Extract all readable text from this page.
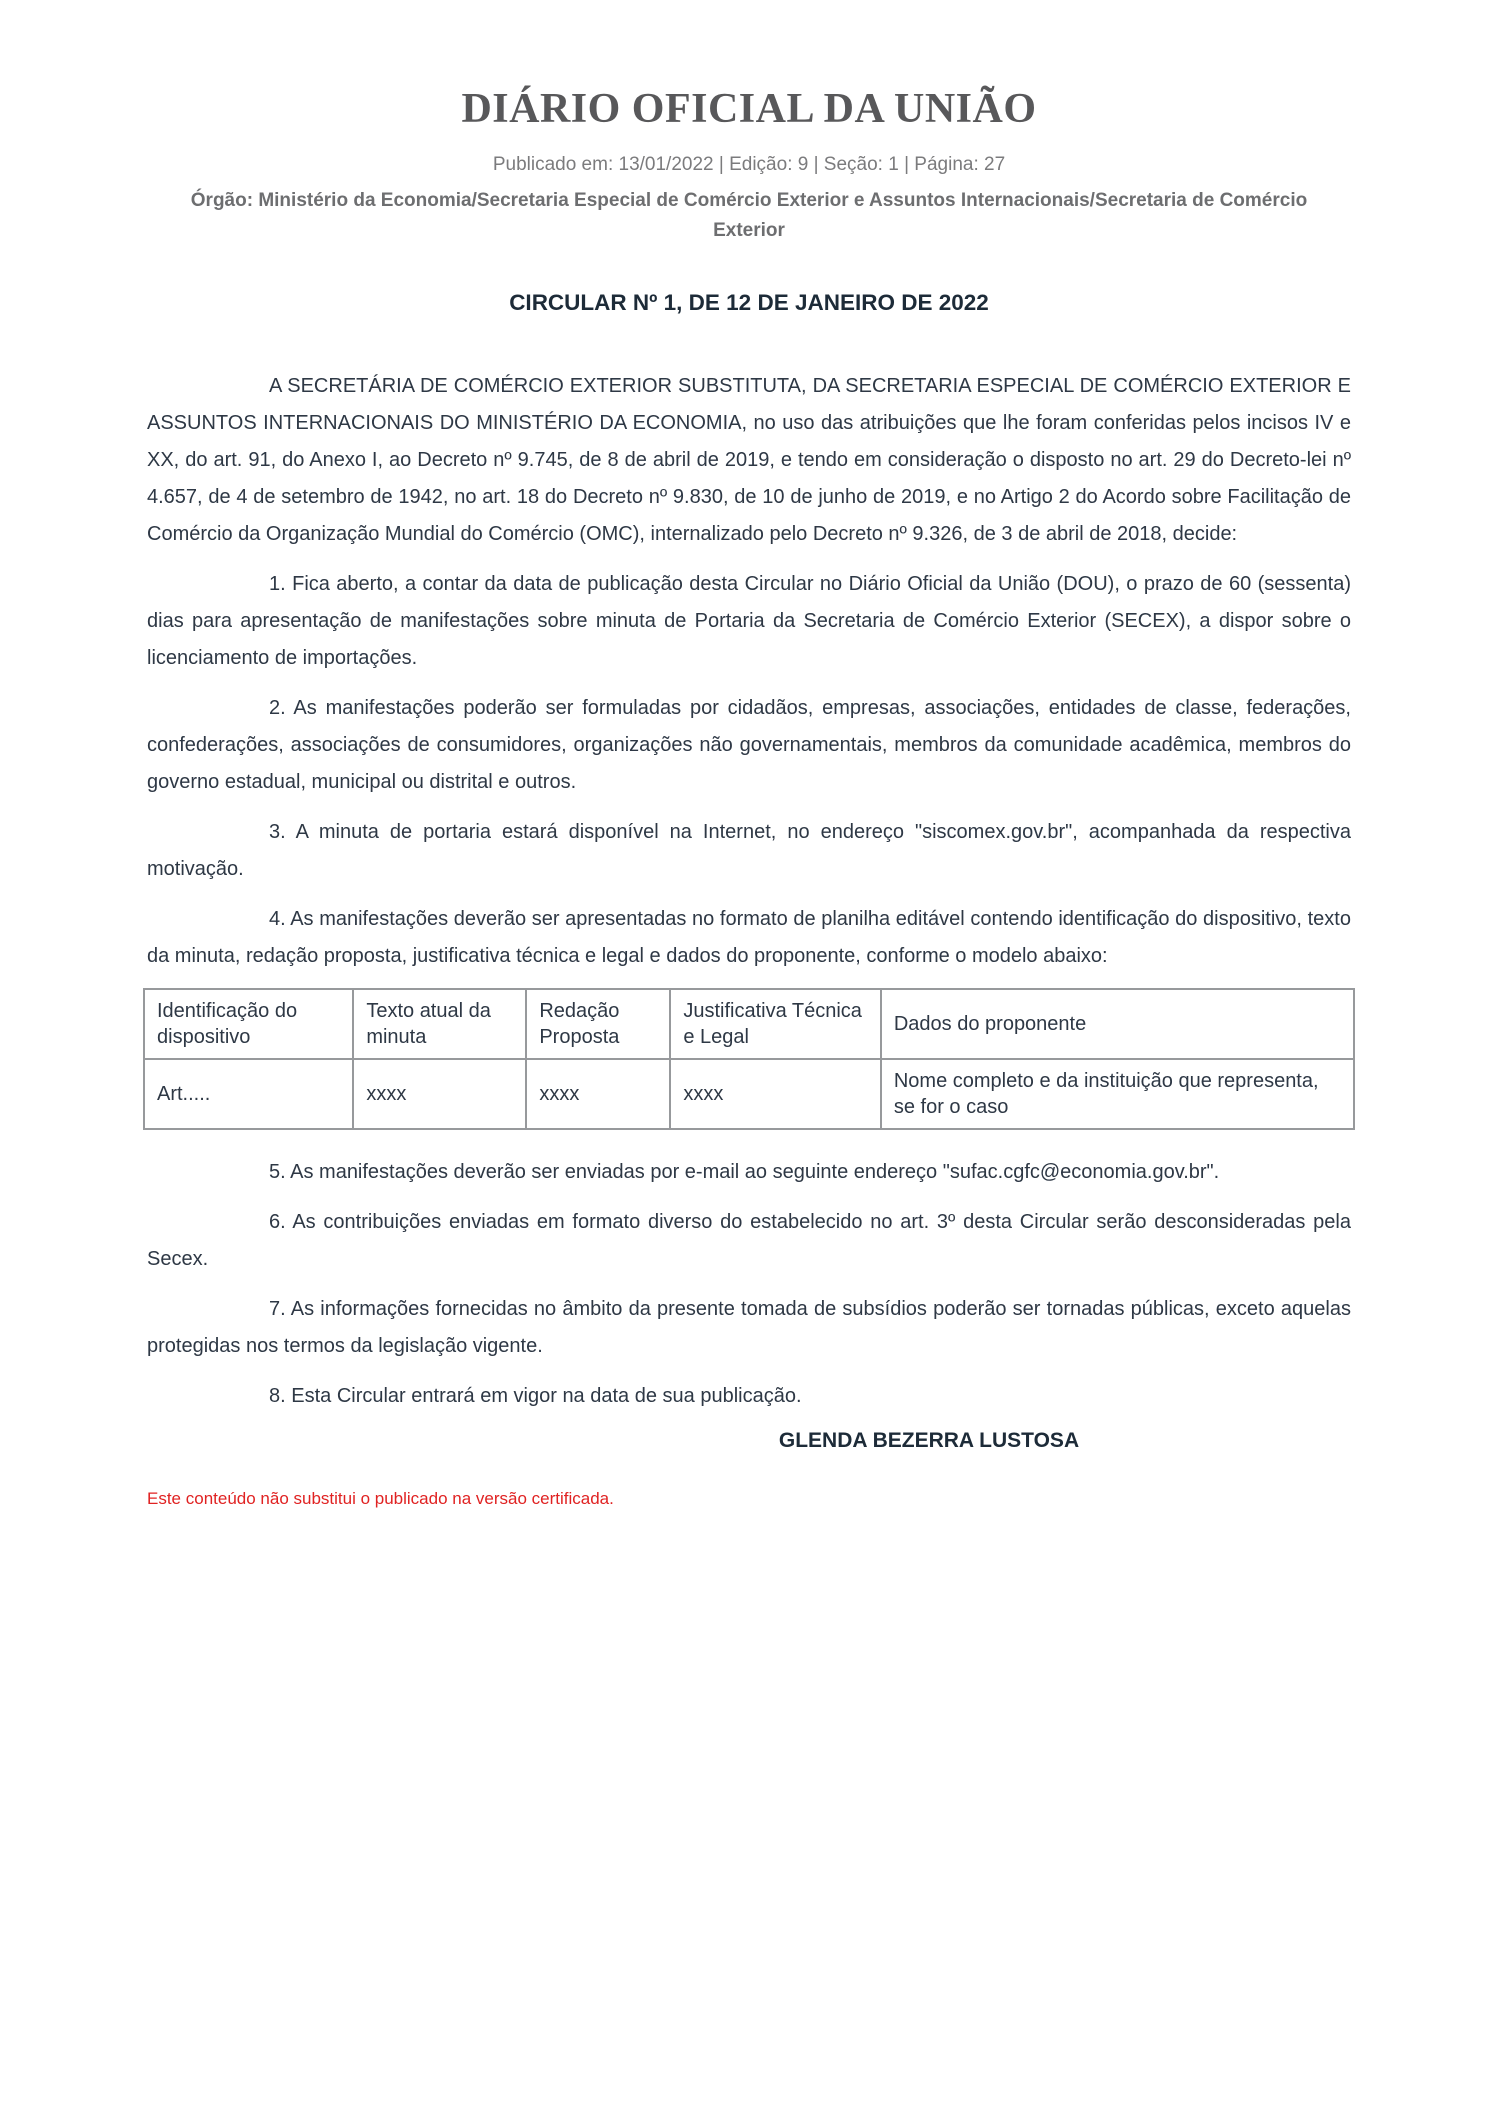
DIÁRIO OFICIAL DA UNIÃO

Publicado em: 13/01/2022 | Edição: 9 | Seção: 1 | Página: 27

Órgão: Ministério da Economia/Secretaria Especial de Comércio Exterior e Assuntos Internacionais/Secretaria de Comércio Exterior

CIRCULAR Nº 1, DE 12 DE JANEIRO DE 2022

A SECRETÁRIA DE COMÉRCIO EXTERIOR SUBSTITUTA, DA SECRETARIA ESPECIAL DE COMÉRCIO EXTERIOR E ASSUNTOS INTERNACIONAIS DO MINISTÉRIO DA ECONOMIA, no uso das atribuições que lhe foram conferidas pelos incisos IV e XX, do art. 91, do Anexo I, ao Decreto nº 9.745, de 8 de abril de 2019, e tendo em consideração o disposto no art. 29 do Decreto-lei nº 4.657, de 4 de setembro de 1942, no art. 18 do Decreto nº 9.830, de 10 de junho de 2019, e no Artigo 2 do Acordo sobre Facilitação de Comércio da Organização Mundial do Comércio (OMC), internalizado pelo Decreto nº 9.326, de 3 de abril de 2018, decide:

1. Fica aberto, a contar da data de publicação desta Circular no Diário Oficial da União (DOU), o prazo de 60 (sessenta) dias para apresentação de manifestações sobre minuta de Portaria da Secretaria de Comércio Exterior (SECEX), a dispor sobre o licenciamento de importações.

2. As manifestações poderão ser formuladas por cidadãos, empresas, associações, entidades de classe, federações, confederações, associações de consumidores, organizações não governamentais, membros da comunidade acadêmica, membros do governo estadual, municipal ou distrital e outros.

3. A minuta de portaria estará disponível na Internet, no endereço "siscomex.gov.br", acompanhada da respectiva motivação.

4. As manifestações deverão ser apresentadas no formato de planilha editável contendo identificação do dispositivo, texto da minuta, redação proposta, justificativa técnica e legal e dados do proponente, conforme o modelo abaixo:

Identificação do dispositivo	Texto atual da minuta	Redação Proposta	Justificativa Técnica e Legal	Dados do proponente
Art.....	xxxx	xxxx	xxxx	Nome completo e da instituição que representa, se for o caso

5. As manifestações deverão ser enviadas por e-mail ao seguinte endereço "sufac.cgfc@economia.gov.br".

6. As contribuições enviadas em formato diverso do estabelecido no art. 3º desta Circular serão desconsideradas pela Secex.

7. As informações fornecidas no âmbito da presente tomada de subsídios poderão ser tornadas públicas, exceto aquelas protegidas nos termos da legislação vigente.

8. Esta Circular entrará em vigor na data de sua publicação.

GLENDA BEZERRA LUSTOSA

Este conteúdo não substitui o publicado na versão certificada.
